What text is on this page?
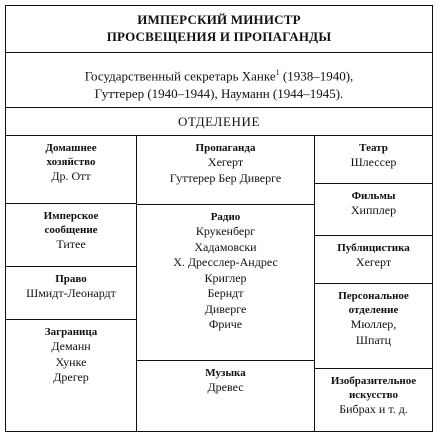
ИМПЕРСКИЙ МИНИСТР
ПРОСВЕЩЕНИЯ И ПРОПАГАНДЫ
Государственный секретарь Ханке$^1$ (1938–1940),
Гуттерер (1940–1944), Науманн (1944–1945).
ОТДЕЛЕНИЕ
Домашнее
хозяйство
Др. Отт
Имперское
сообщение
Титее
Право
Шмидт-Леонардт
Заграница
Деманн
Хунке
Дрегер
Пропаганда
Хегерт
Гуттерер Бер Диверге
Радио
Крукенберг
Хадамовски
Х. Дресслер-Андрес
Криглер
Берндт
Диверге
Фриче
Музыка
Древес
Театр
Шлессер
Фильмы
Хипплер
Публицистика
Хегерт
Персональное
отделение
Мюллер,
Шпатц
Изобразительное
искусство
Бибрах и т. д.
